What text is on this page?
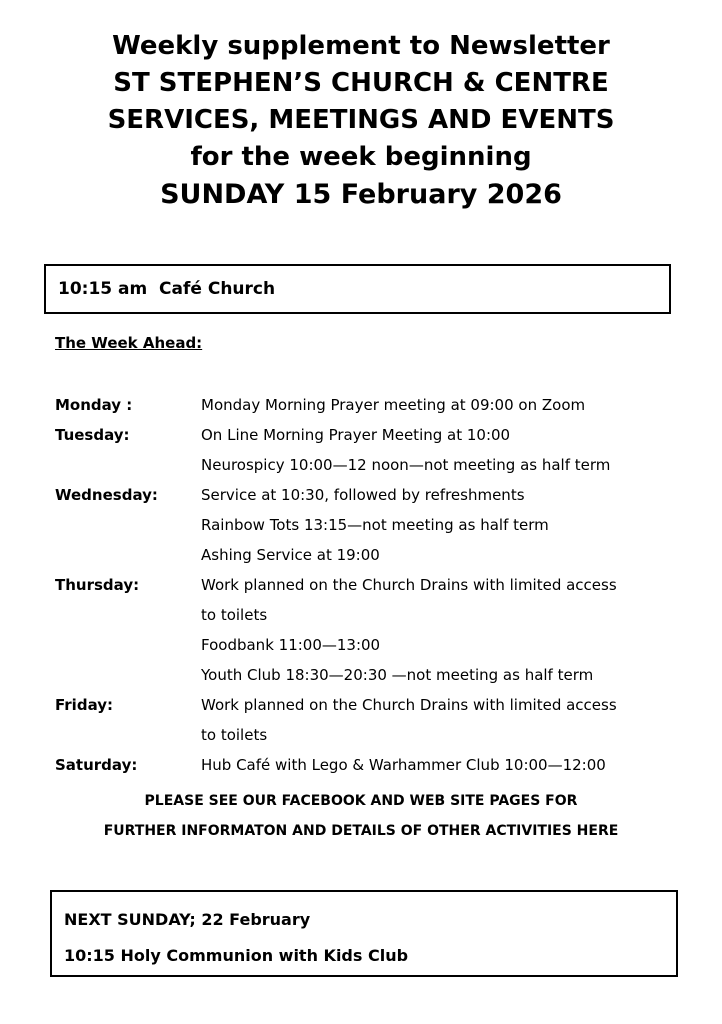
Weekly supplement to Newsletter
ST STEPHEN’S CHURCH & CENTRE
SERVICES, MEETINGS AND EVENTS
for the week beginning
SUNDAY 15 February 2026
10:15 am  Café Church
The Week Ahead:
Monday :	Monday Morning Prayer meeting at 09:00 on Zoom
Tuesday:	On Line Morning Prayer Meeting at 10:00
Neurospicy 10:00—12 noon—not meeting as half term
Wednesday:	Service at 10:30, followed by refreshments
Rainbow Tots 13:15—not meeting as half term
Ashing Service at 19:00
Thursday:	Work planned on the Church Drains with limited access
to toilets
Foodbank 11:00—13:00
Youth Club 18:30—20:30 —not meeting as half term
Friday:	Work planned on the Church Drains with limited access
to toilets
Saturday:	Hub Café with Lego & Warhammer Club 10:00—12:00
PLEASE SEE OUR FACEBOOK AND WEB SITE PAGES FOR
FURTHER INFORMATON AND DETAILS OF OTHER ACTIVITIES HERE
NEXT SUNDAY; 22 February
10:15 Holy Communion with Kids Club
